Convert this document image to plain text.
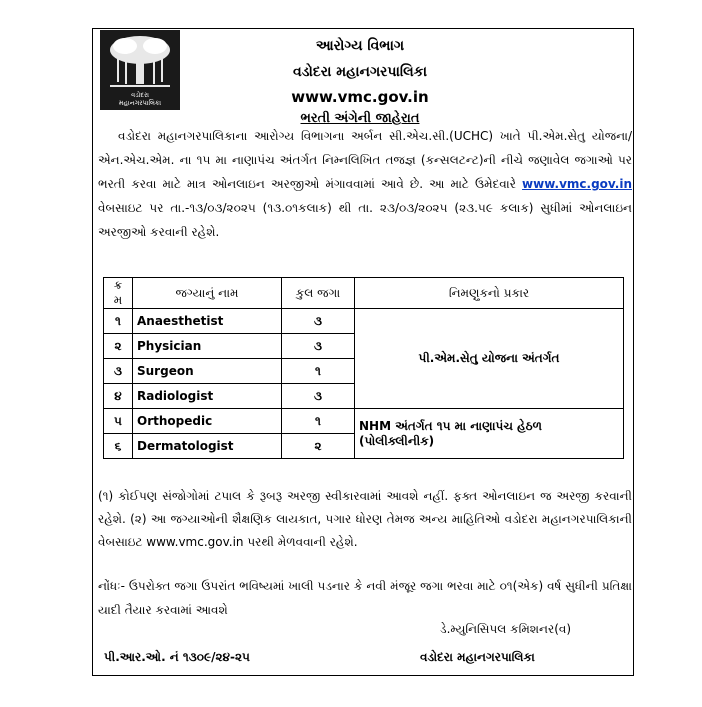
વડોદરા
મહાનગરપાલિકા
આરોગ્ય વિભાગ
વડોદરા મહાનગરપાલિકા
www.vmc.gov.in
ભરતી અંગેની જાહેરાત
વડોદરા મહાનગરપાલિકાના આરોગ્ય વિભાગના અર્બન સી.એચ.સી.(UCHC) ખાતે પી.એમ.સેતુ યોજના/ એન.એચ.એમ. ના ૧૫ મા નાણાપંચ અંતર્ગત નિમ્નલિખિત તજજ્ઞ (કન્સલટન્ટ)ની નીચે જણાવેલ જગાઓ પર ભરતી કરવા માટે માત્ર ઓનલાઇન અરજીઓ મંગાવવામાં આવે છે. આ માટે ઉમેદવારે www.vmc.gov.in વેબસાઇટ પર તા.-૧૩/૦૩/૨૦૨૫ (૧૩.૦૧કલાક) થી તા. ૨૩/૦૩/૨૦૨૫ (૨૩.૫૯ કલાક) સુધીમાં ઓનલાઇન અરજીઓ કરવાની રહેશે.
ક્ર મ	જગ્યાનું નામ	કુલ જગા	નિમણુકનો પ્રકાર
૧	Anaesthetist	૩	પી.એમ.સેતુ યોજના અંતર્ગત
૨	Physician	૩	
૩	Surgeon	૧	
૪	Radiologist	૩	
૫	Orthopedic	૧	NHM અંતર્ગત ૧૫ મા નાણાપંચ હેઠળ (પોલીક્લીનીક)
૬	Dermatologist	૨	
(૧) કોઈપણ સંજોગોમાં ટપાલ કે રૂબરૂ અરજી સ્વીકારવામાં આવશે નહીં. ફક્ત ઓનલાઇન જ અરજી કરવાની રહેશે. (૨) આ જગ્યાઓની શૈક્ષણિક લાયકાત, પગાર ધોરણ તેમજ અન્ય માહિતિઓ વડોદરા મહાનગરપાલિકાની વેબસાઇટ www.vmc.gov.in પરથી મેળવવાની રહેશે.
નોંધઃ- ઉપરોક્ત જગા ઉપરાંત ભવિષ્યમાં ખાલી પડનાર કે નવી મંજૂર જગા ભરવા માટે ૦૧(એક) વર્ષ સુધીની પ્રતિક્ષા યાદી તૈયાર કરવામાં આવશે
ડે.મ્યુનિસિપલ કમિશનર(વ)
પી.આર.ઓ. નં ૧૩૦૯/૨૪-૨૫	વડોદરા મહાનગરપાલિકા
